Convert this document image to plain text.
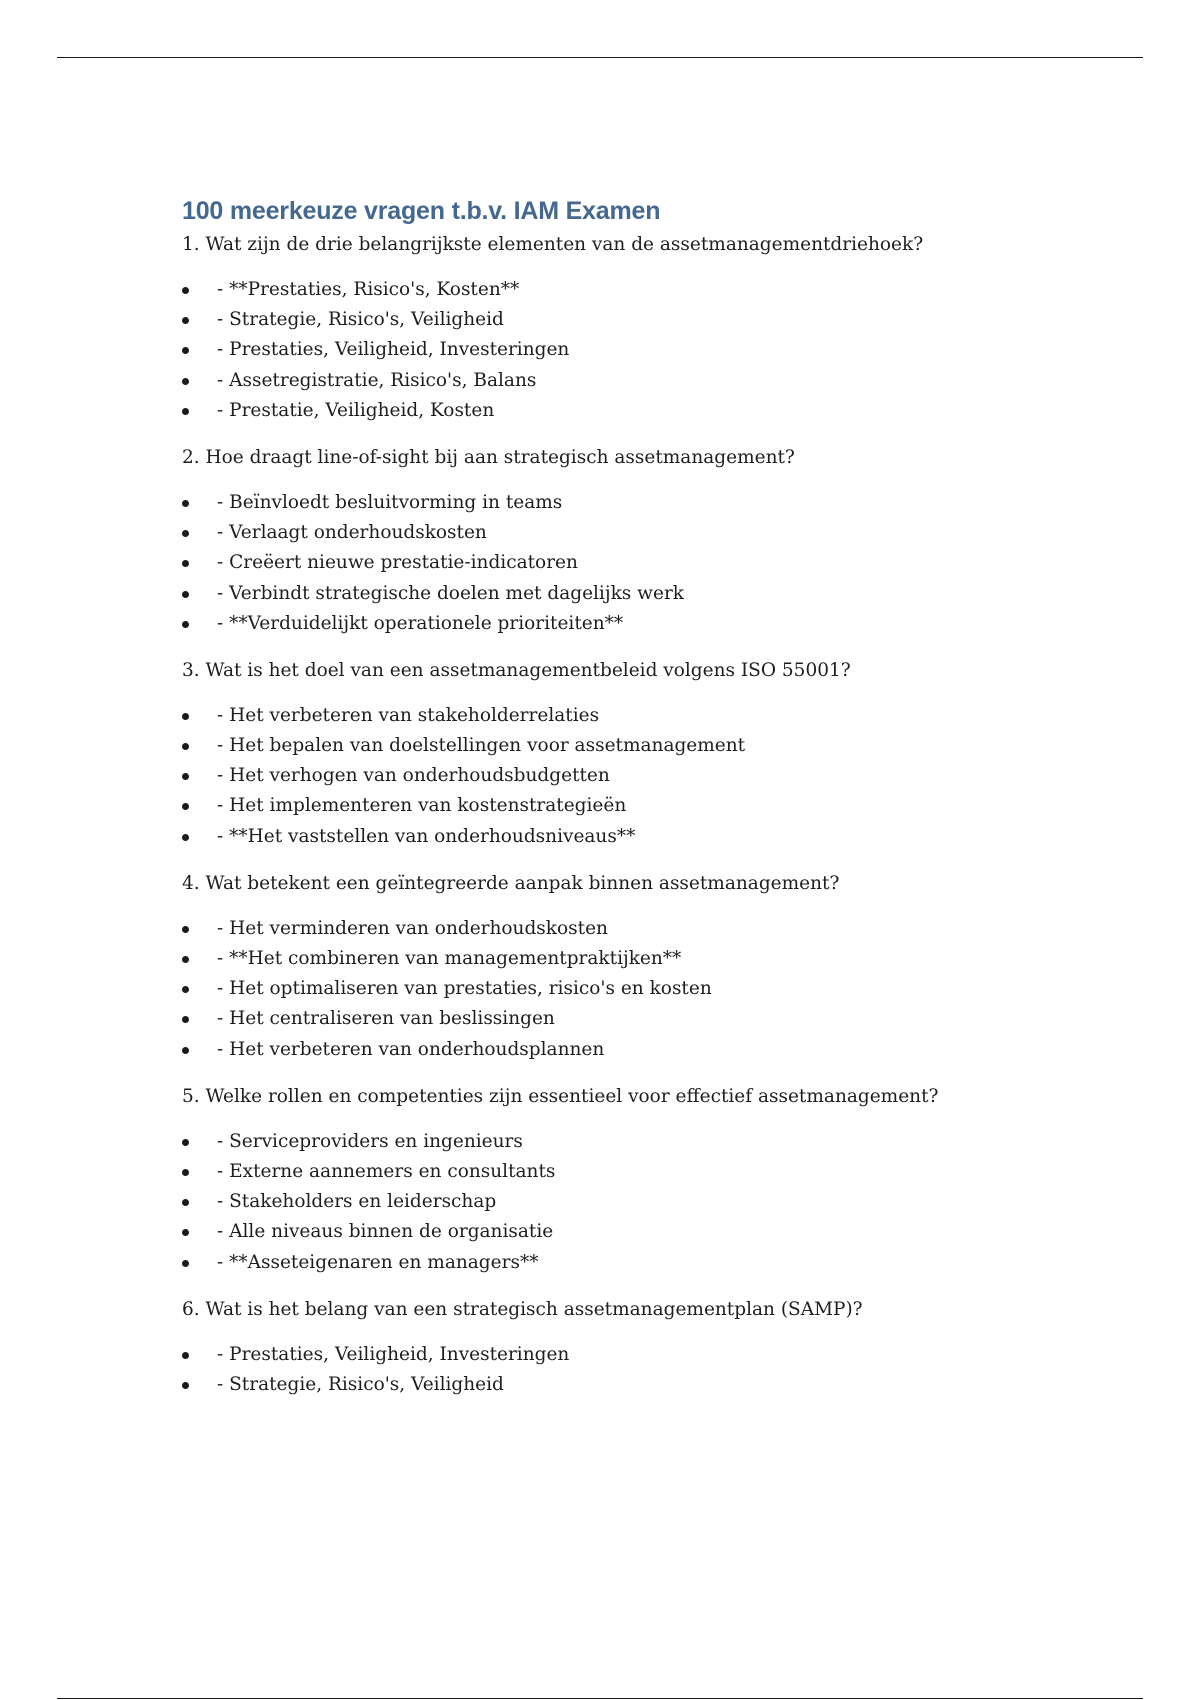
100 meerkeuze vragen t.b.v. IAM Examen

1. Wat zijn de drie belangrijkste elementen van de assetmanagementdriehoek?

- **Prestaties, Risico's, Kosten**
- Strategie, Risico's, Veiligheid
- Prestaties, Veiligheid, Investeringen
- Assetregistratie, Risico's, Balans
- Prestatie, Veiligheid, Kosten

2. Hoe draagt line-of-sight bij aan strategisch assetmanagement?

- Beïnvloedt besluitvorming in teams
- Verlaagt onderhoudskosten
- Creëert nieuwe prestatie-indicatoren
- Verbindt strategische doelen met dagelijks werk
- **Verduidelijkt operationele prioriteiten**

3. Wat is het doel van een assetmanagementbeleid volgens ISO 55001?

- Het verbeteren van stakeholderrelaties
- Het bepalen van doelstellingen voor assetmanagement
- Het verhogen van onderhoudsbudgetten
- Het implementeren van kostenstrategieën
- **Het vaststellen van onderhoudsniveaus**

4. Wat betekent een geïntegreerde aanpak binnen assetmanagement?

- Het verminderen van onderhoudskosten
- **Het combineren van managementpraktijken**
- Het optimaliseren van prestaties, risico's en kosten
- Het centraliseren van beslissingen
- Het verbeteren van onderhoudsplannen

5. Welke rollen en competenties zijn essentieel voor effectief assetmanagement?

- Serviceproviders en ingenieurs
- Externe aannemers en consultants
- Stakeholders en leiderschap
- Alle niveaus binnen de organisatie
- **Asseteigenaren en managers**

6. Wat is het belang van een strategisch assetmanagementplan (SAMP)?

- Prestaties, Veiligheid, Investeringen
- Strategie, Risico's, Veiligheid
